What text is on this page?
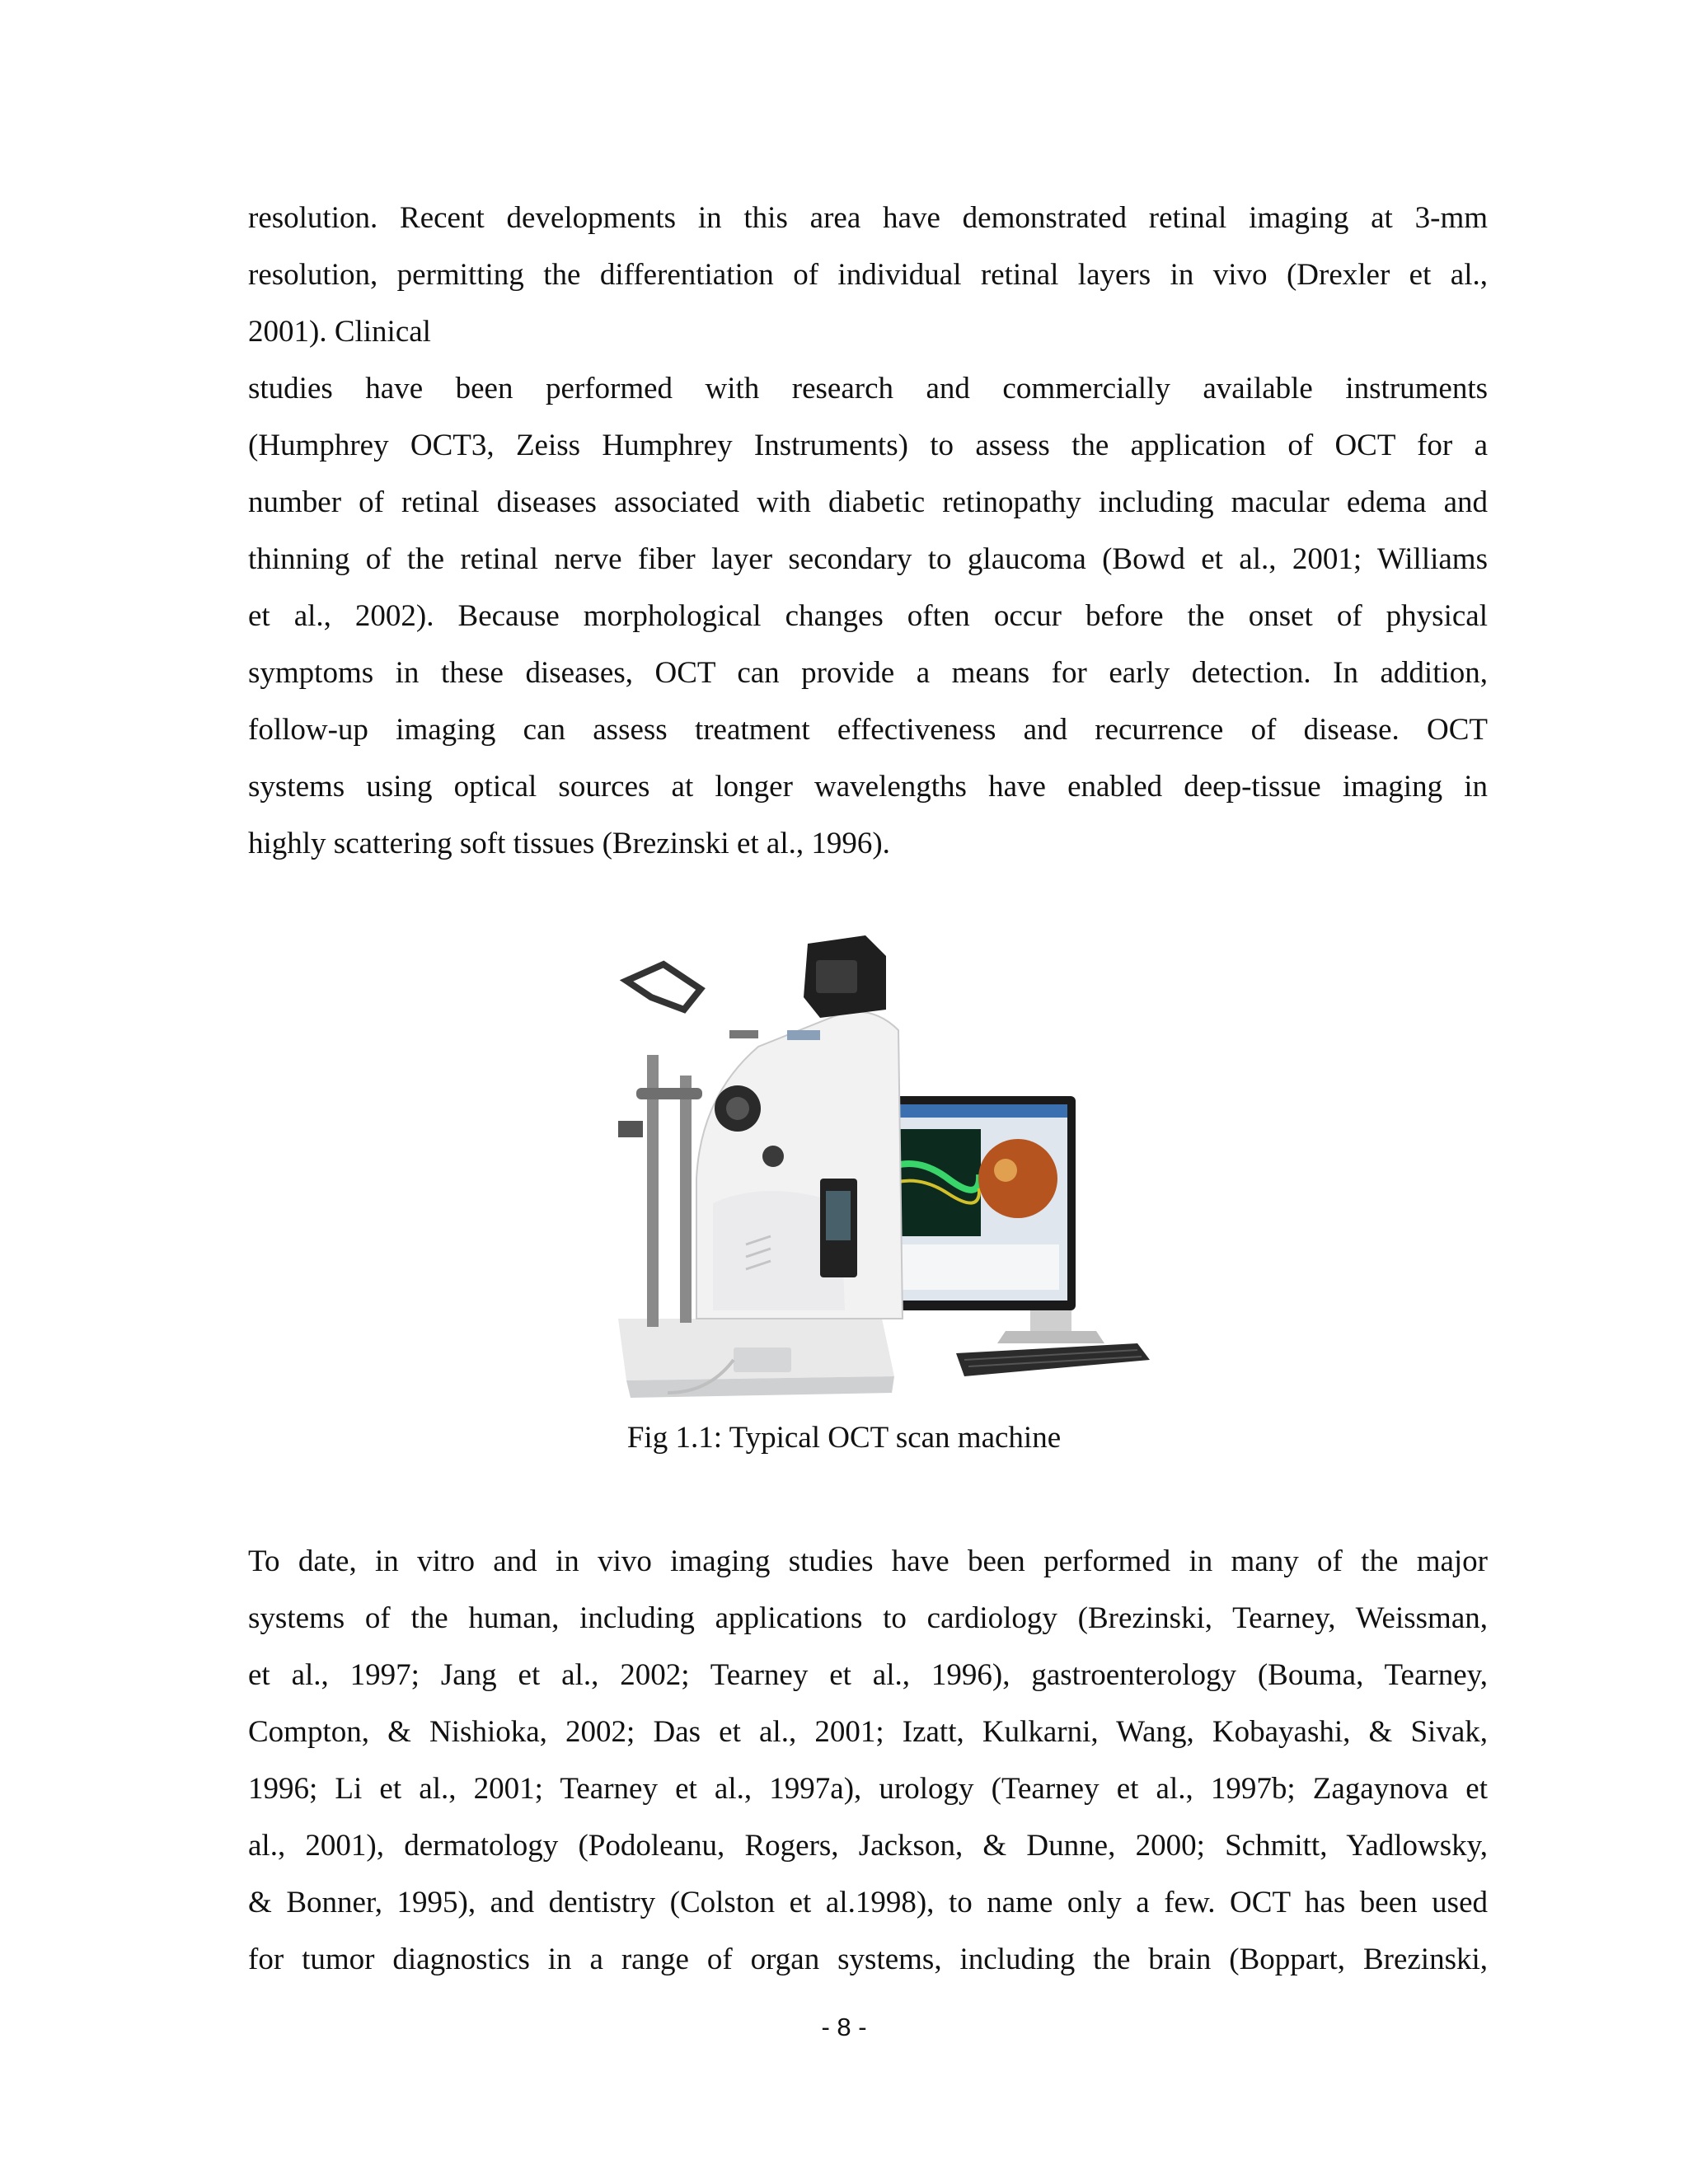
resolution. Recent developments in this area have demonstrated retinal imaging at 3-mm
resolution, permitting the differentiation of individual retinal layers in vivo (Drexler et al.,
2001). Clinical
studies have been performed with research and commercially available instruments
(Humphrey OCT3, Zeiss Humphrey Instruments) to assess the application of OCT for a
number of retinal diseases associated with diabetic retinopathy including macular edema and
thinning of the retinal nerve fiber layer secondary to glaucoma (Bowd et al., 2001; Williams
et al., 2002). Because morphological changes often occur before the onset of physical
symptoms in these diseases, OCT can provide a means for early detection. In addition,
follow-up imaging can assess treatment effectiveness and recurrence of disease. OCT
systems using optical sources at longer wavelengths have enabled deep-tissue imaging in
highly scattering soft tissues (Brezinski et al., 1996).
Fig 1.1: Typical OCT scan machine
To date, in vitro and in vivo imaging studies have been performed in many of the major
systems of the human, including applications to cardiology (Brezinski, Tearney, Weissman,
et al., 1997; Jang et al., 2002; Tearney et al., 1996), gastroenterology (Bouma, Tearney,
Compton, & Nishioka, 2002; Das et al., 2001; Izatt, Kulkarni, Wang, Kobayashi, & Sivak,
1996; Li et al., 2001; Tearney et al., 1997a), urology (Tearney et al., 1997b; Zagaynova et
al., 2001), dermatology (Podoleanu, Rogers, Jackson, & Dunne, 2000; Schmitt, Yadlowsky,
& Bonner, 1995), and dentistry (Colston et al.1998), to name only a few. OCT has been used
for tumor diagnostics in a range of organ systems, including the brain (Boppart, Brezinski,
- 8 -
